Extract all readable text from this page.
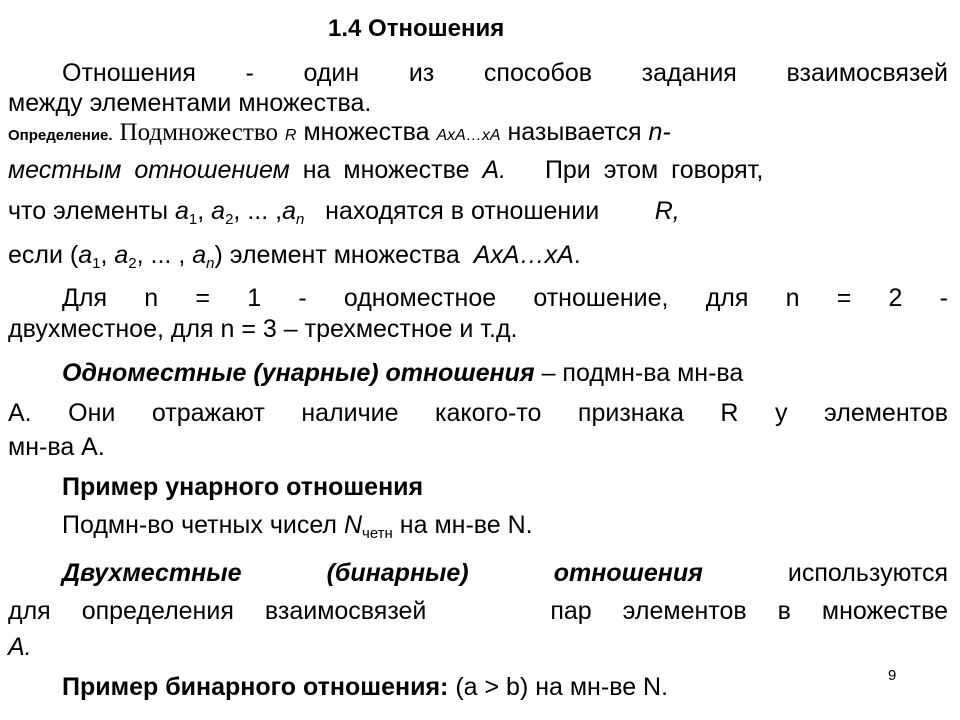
1.4 Отношения
Отношения - один из способов задания взаимосвязей
между элементами множества.
Определение. Подмножество R множества AxA…xA называется n-
местным отношением на множестве A. При этом говорят,
что элементы $a_1$, $a_2$, ... $,a_n$ находятся в отношении R,
если ($a_1$, $a_2$, ... , $a_n$) элемент множества AxA…xA.
Для n = 1 - одноместное отношение, для n = 2 -
двухместное, для n = 3 – трехместное и т.д.
Одноместные (унарные) отношения – подмн-ва мн-ва
A. Они отражают наличие какого-то признака R у элементов
мн-ва A.
Пример унарного отношения
Подмн-во четных чисел $N_{четн}$ на мн-ве N.
Двухместные (бинарные) отношения используются
для определения взаимосвязей    пар элементов в множестве
A.
Пример бинарного отношения: (a > b) на мн-ве N.	9
